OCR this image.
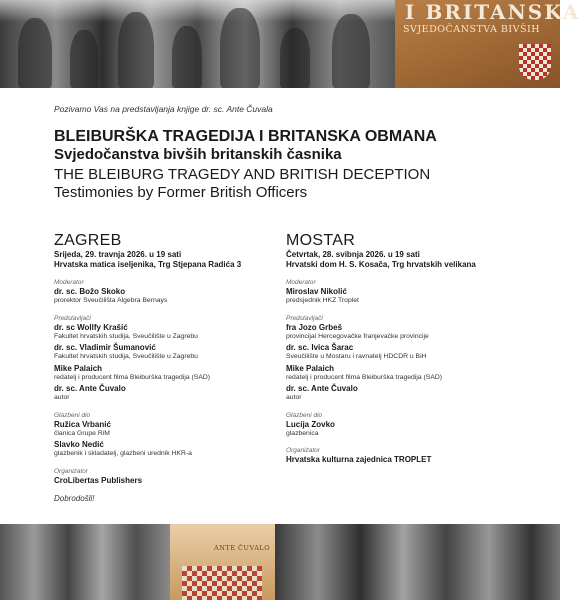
I BRITANSKA
SVJEDOČANSTVA BIVŠIH
Pozivamo Vas na predstavljanja knjige dr. sc. Ante Čuvala
BLEIBURŠKA TRAGEDIJA I BRITANSKA OBMANA
Svjedočanstva bivših britanskih časnika
THE BLEIBURG TRAGEDY AND BRITISH DECEPTION
Testimonies by Former British Officers
ZAGREB
Srijeda, 29. travnja 2026. u 19 sati
Hrvatska matica iseljenika, Trg Stjepana Radića 3
Moderator
dr. sc. Božo Skoko
prorektor Sveučilišta Algebra Bernays
Predstavljači
dr. sc Wollfy Krašić
Fakultet hrvatskih studija, Sveučilište u Zagrebu
dr. sc. Vladimir Šumanović
Fakultet hrvatskih studija, Sveučilište u Zagrebu
Mike Palaich
redatelj i producent filma Bleiburška tragedija (SAD)
dr. sc. Ante Čuvalo
autor
Glazbeni dio
Ružica Vrbanić
članica Grupe RiM
Slavko Nedić
glazbenik i skladatelj, glazbeni urednik HKR-a
Organizator
CroLibertas Publishers
MOSTAR
Četvrtak, 28. svibnja 2026. u 19 sati
Hrvatski dom H. S. Kosača, Trg hrvatskih velikana
Moderator
Miroslav Nikolić
predsjednik HKZ Troplet
Predstavljači
fra Jozo Grbeš
provincijal Hercegovačke franjevačke provincije
dr. sc. Ivica Šarac
Sveučilište u Mostaru i ravnatelj HDCDR u BiH
Mike Palaich
redatelj i producent filma Bleiburška tragedija (SAD)
dr. sc. Ante Čuvalo
autor
Glazbeni dio
Lucija Zovko
glazbenica
Organizator
Hrvatska kulturna zajednica TROPLET
Dobrodošli!
ANTE ČUVALO
